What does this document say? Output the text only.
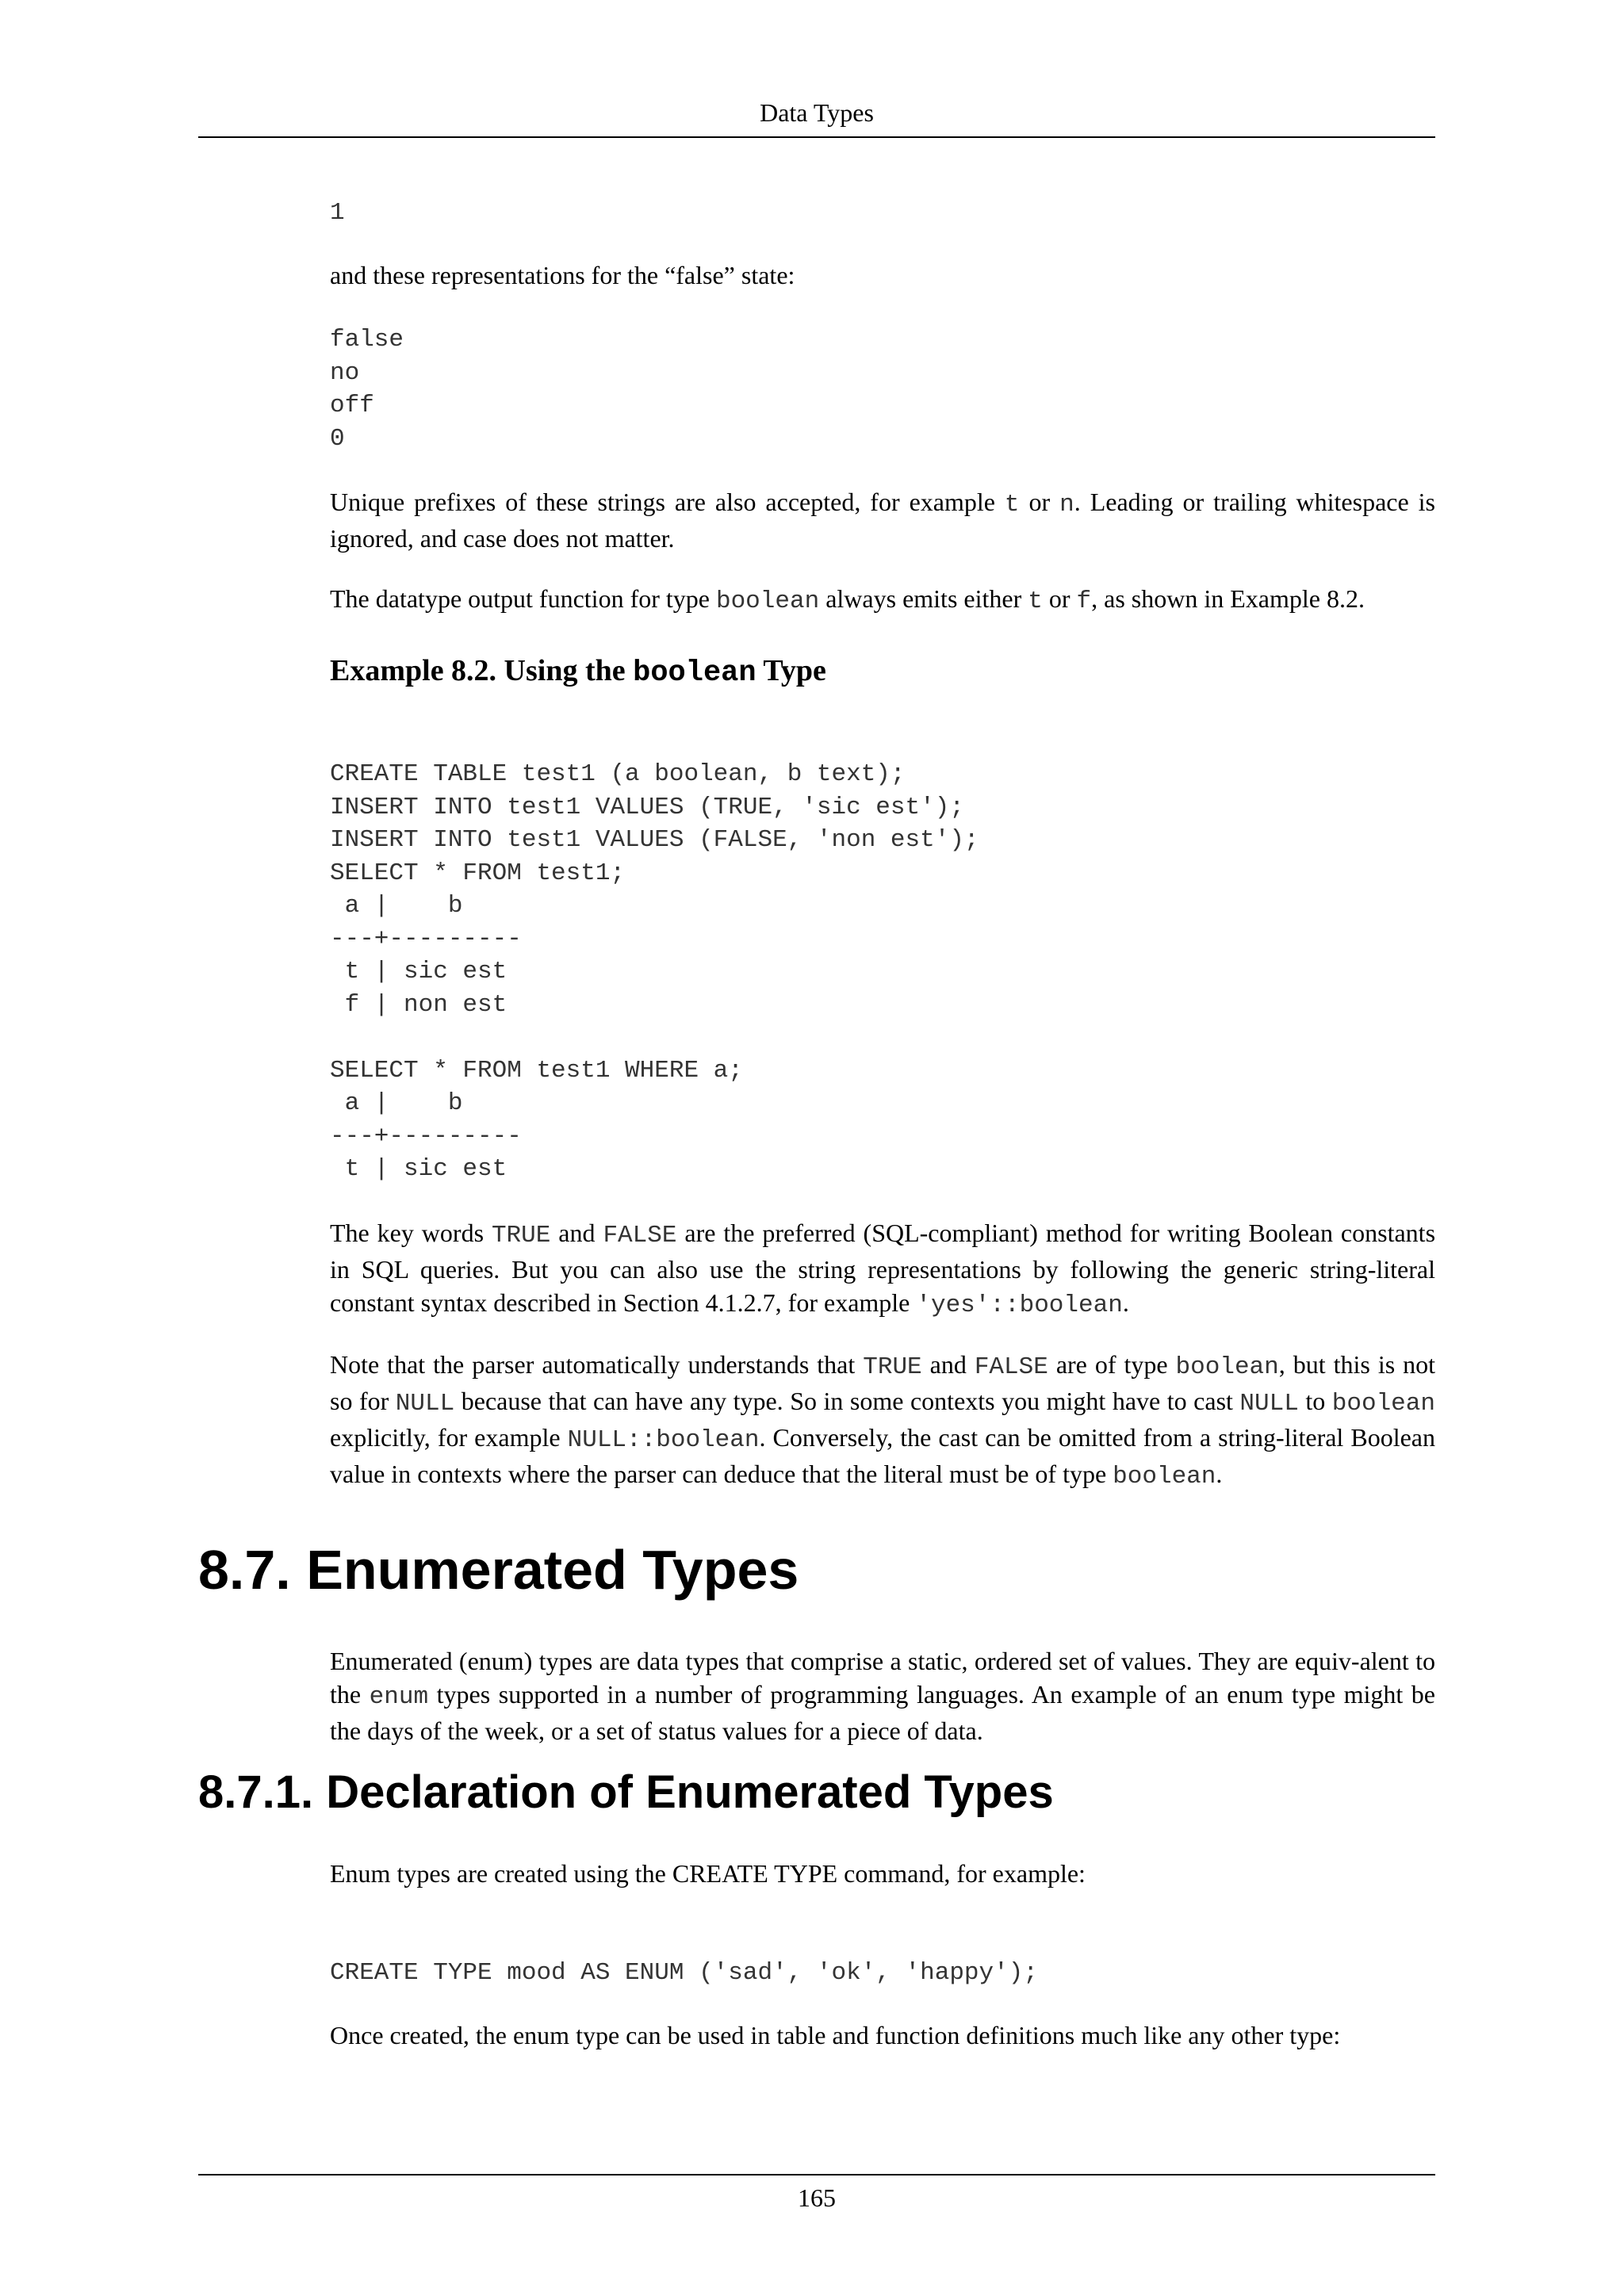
Data Types
1

and these representations for the “false” state:

false
no
off
0

Unique prefixes of these strings are also accepted, for example t or n. Leading or trailing whitespace is ignored, and case does not matter.

The datatype output function for type boolean always emits either t or f, as shown in Example 8.2.

Example 8.2. Using the boolean Type
CREATE TABLE test1 (a boolean, b text);
INSERT INTO test1 VALUES (TRUE, 'sic est');
INSERT INTO test1 VALUES (FALSE, 'non est');
SELECT * FROM test1;
a |    b
---+---------
t | sic est
f | non est

SELECT * FROM test1 WHERE a;
a |    b
---+---------
t | sic est

The key words TRUE and FALSE are the preferred (SQL-compliant) method for writing Boolean constants in SQL queries. But you can also use the string representations by following the generic string-literal constant syntax described in Section 4.1.2.7, for example 'yes'::boolean.

Note that the parser automatically understands that TRUE and FALSE are of type boolean, but this is not so for NULL because that can have any type. So in some contexts you might have to cast NULL to boolean explicitly, for example NULL::boolean. Conversely, the cast can be omitted from a string-literal Boolean value in contexts where the parser can deduce that the literal must be of type boolean.

8.7. Enumerated Types

Enumerated (enum) types are data types that comprise a static, ordered set of values. They are equiv-alent to the enum types supported in a number of programming languages. An example of an enum type might be the days of the week, or a set of status values for a piece of data.

8.7.1. Declaration of Enumerated Types

Enum types are created using the CREATE TYPE command, for example:

CREATE TYPE mood AS ENUM ('sad', 'ok', 'happy');

Once created, the enum type can be used in table and function definitions much like any other type:

165
